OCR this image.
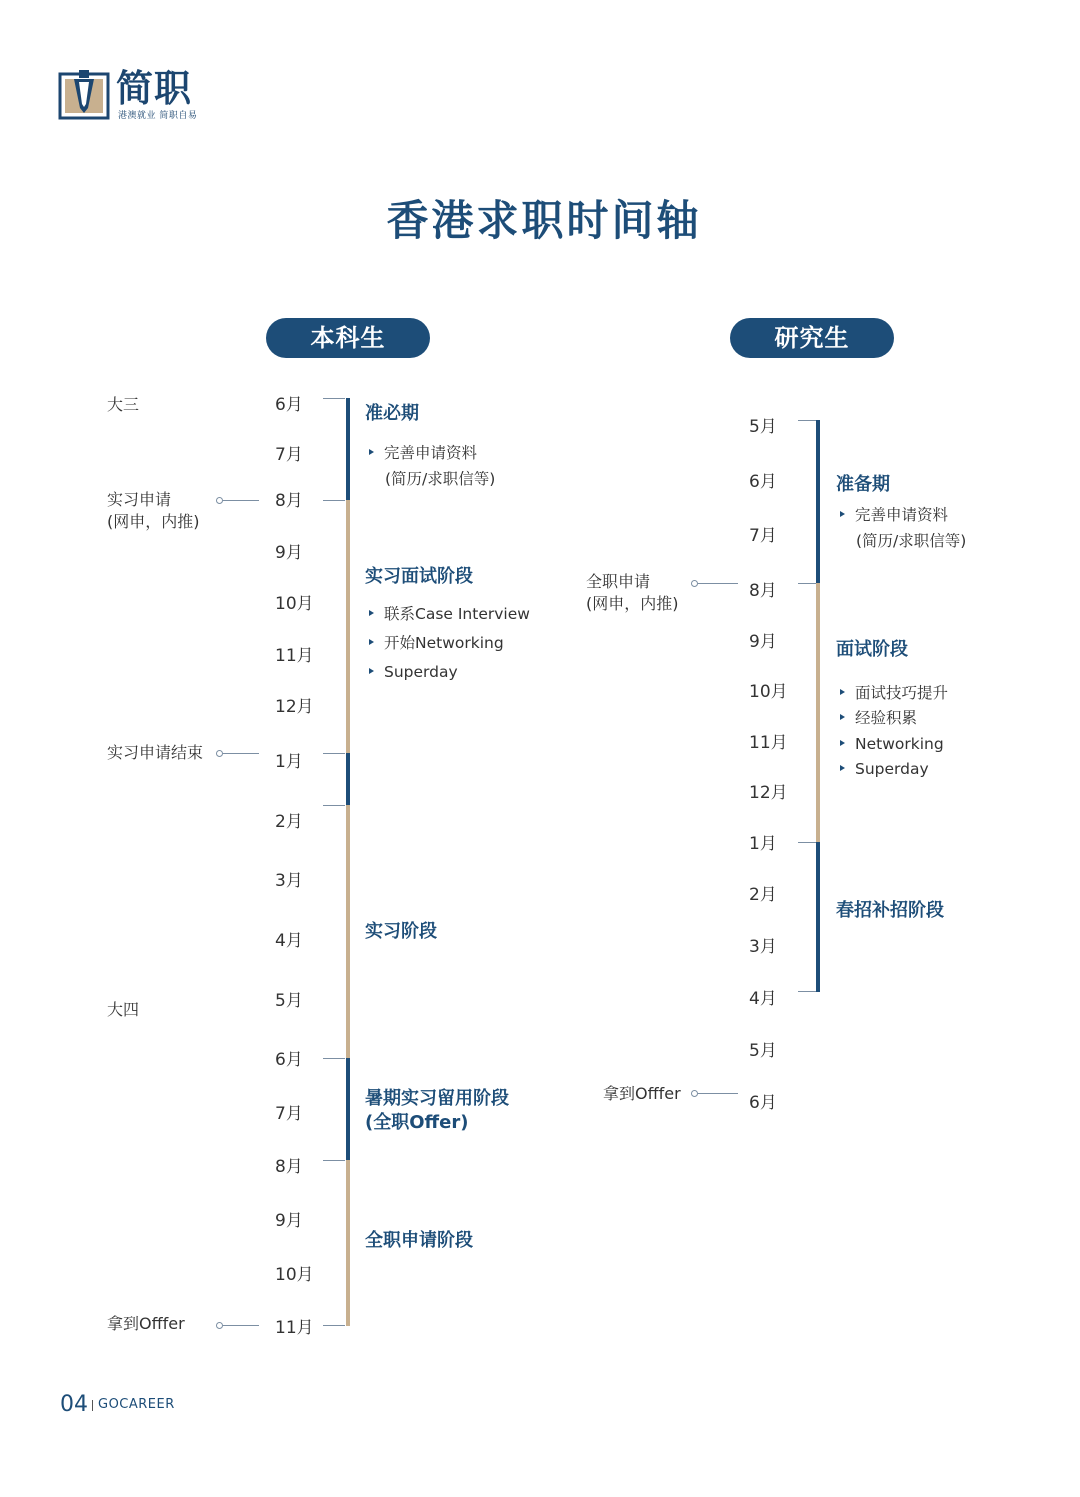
简职
港澳就业 简职自易
香港求职时间轴
本科生
大三
大四
6月
7月
8月
9月
10月
11月
12月
1月
2月
3月
4月
5月
6月
7月
8月
9月
10月
11月
实习申请
(网申，内推)
实习申请结束
拿到Offfer
准必期
完善申请资料
(简历/求职信等)
实习面试阶段
联系Case Interview
开始Networking
Superday
实习阶段
暑期实习留用阶段
(全职Offer)
全职申请阶段
研究生
5月
6月
7月
8月
9月
10月
11月
12月
1月
2月
3月
4月
5月
6月
全职申请
(网申，内推)
拿到Offfer
准备期
完善申请资料
(简历/求职信等)
面试阶段
面试技巧提升
经验积累
Networking
Superday
春招补招阶段
04 GOCAREER
